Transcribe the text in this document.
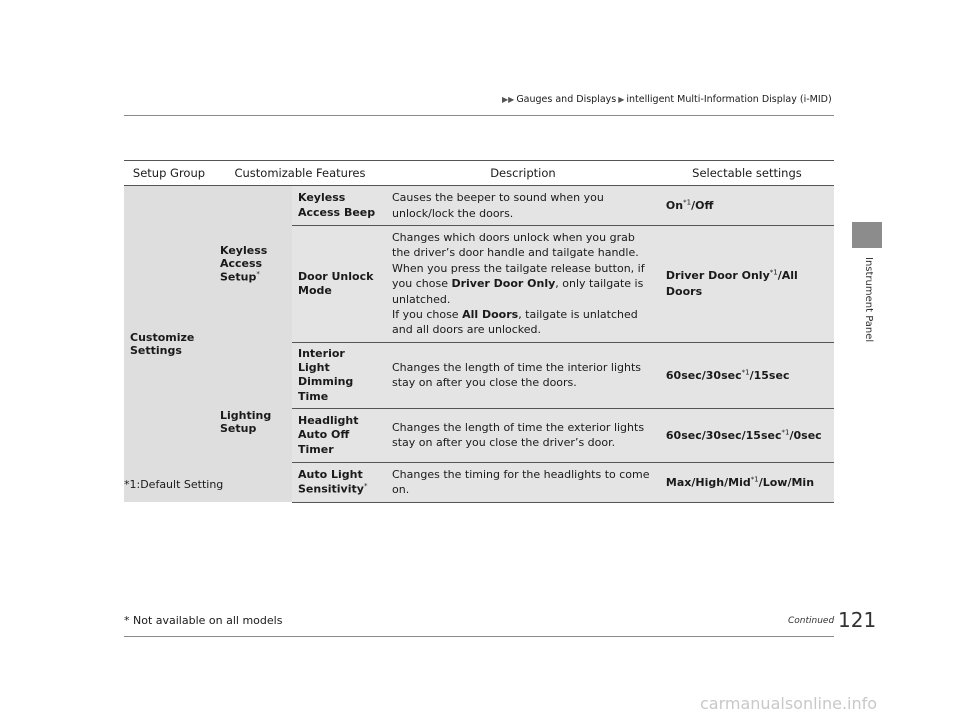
▶▶ Gauges and Displays ▶ intelligent Multi-Information Display (i-MID)
Instrument Panel
Setup Group	Customizable Features		Description	Selectable settings
Customize Settings	Keyless Access Setup*	Keyless Access Beep	Causes the beeper to sound when you unlock/lock the doors.	On$^{*1}$/Off
		Door Unlock Mode	Changes which doors unlock when you grab the driver’s door handle and tailgate handle.
When you press the tailgate release button, if you chose Driver Door Only, only tailgate is unlatched.
If you chose All Doors, tailgate is unlatched and all doors are unlocked.	Driver Door Only$^{*1}$/All Doors
	Lighting Setup	Interior Light Dimming Time	Changes the length of time the interior lights stay on after you close the doors.	$60\sec/30\sec^{*1}/15\sec$
		Headlight Auto Off Timer	Changes the length of time the exterior lights stay on after you close the driver’s door.	$60\sec/30\sec/15\sec^{*1}/0\sec$
		Auto Light Sensitivity*	Changes the timing for the headlights to come on.	Max/High/Mid$^{*1}$/Low/Min
*1:Default Setting
* Not available on all models	Continued 121
carmanualsonline.info
